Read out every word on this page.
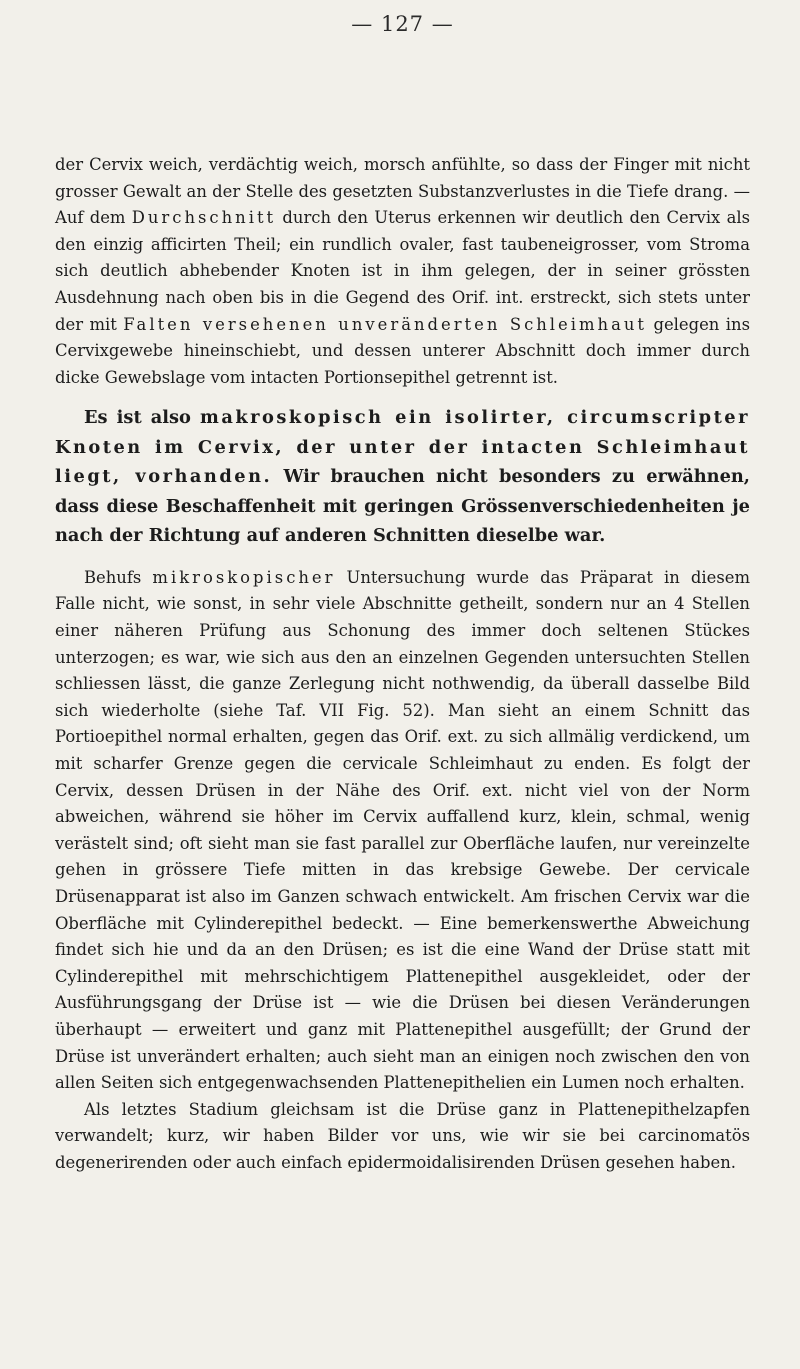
— 127 —

der Cervix weich, verdächtig weich, morsch anfühlte, so dass der Finger mit nicht grosser Gewalt an der Stelle des gesetzten Substanzverlustes in die Tiefe drang. — Auf dem Durchschnitt durch den Uterus erkennen wir deutlich den Cervix als den einzig afficirten Theil; ein rundlich ovaler, fast taubeneigrosser, vom Stroma sich deutlich abhebender Knoten ist in ihm gelegen, der in seiner grössten Ausdehnung nach oben bis in die Gegend des Orif. int. erstreckt, sich stets unter der mit Falten versehenen unveränderten Schleimhaut gelegen ins Cervixgewebe hineinschiebt, und dessen unterer Abschnitt doch immer durch dicke Gewebslage vom intacten Portionsepithel getrennt ist.

Es ist also makroskopisch ein isolirter, circumscripter Knoten im Cervix, der unter der intacten Schleimhaut liegt, vorhanden. Wir brauchen nicht besonders zu erwähnen, dass diese Beschaffenheit mit geringen Grössenverschiedenheiten je nach der Richtung auf anderen Schnitten dieselbe war.

Behufs mikroskopischer Untersuchung wurde das Präparat in diesem Falle nicht, wie sonst, in sehr viele Abschnitte getheilt, sondern nur an 4 Stellen einer näheren Prüfung aus Schonung des immer doch seltenen Stückes unterzogen; es war, wie sich aus den an einzelnen Gegenden untersuchten Stellen schliessen lässt, die ganze Zerlegung nicht nothwendig, da überall dasselbe Bild sich wiederholte (siehe Taf. VII Fig. 52). Man sieht an einem Schnitt das Portioepithel normal erhalten, gegen das Orif. ext. zu sich allmälig verdickend, um mit scharfer Grenze gegen die cervicale Schleimhaut zu enden. Es folgt der Cervix, dessen Drüsen in der Nähe des Orif. ext. nicht viel von der Norm abweichen, während sie höher im Cervix auffallend kurz, klein, schmal, wenig verästelt sind; oft sieht man sie fast parallel zur Oberfläche laufen, nur vereinzelte gehen in grössere Tiefe mitten in das krebsige Gewebe. Der cervicale Drüsenapparat ist also im Ganzen schwach entwickelt. Am frischen Cervix war die Oberfläche mit Cylinderepithel bedeckt. — Eine bemerkenswerthe Abweichung findet sich hie und da an den Drüsen; es ist die eine Wand der Drüse statt mit Cylinderepithel mit mehrschichtigem Plattenepithel ausgekleidet, oder der Ausführungsgang der Drüse ist — wie die Drüsen bei diesen Veränderungen überhaupt — erweitert und ganz mit Plattenepithel ausgefüllt; der Grund der Drüse ist unverändert erhalten; auch sieht man an einigen noch zwischen den von allen Seiten sich entgegenwachsenden Plattenepithelien ein Lumen noch erhalten.

Als letztes Stadium gleichsam ist die Drüse ganz in Plattenepithelzapfen verwandelt; kurz, wir haben Bilder vor uns, wie wir sie bei carcinomatös degenerirenden oder auch einfach epidermoidalisirenden Drüsen gesehen haben.
